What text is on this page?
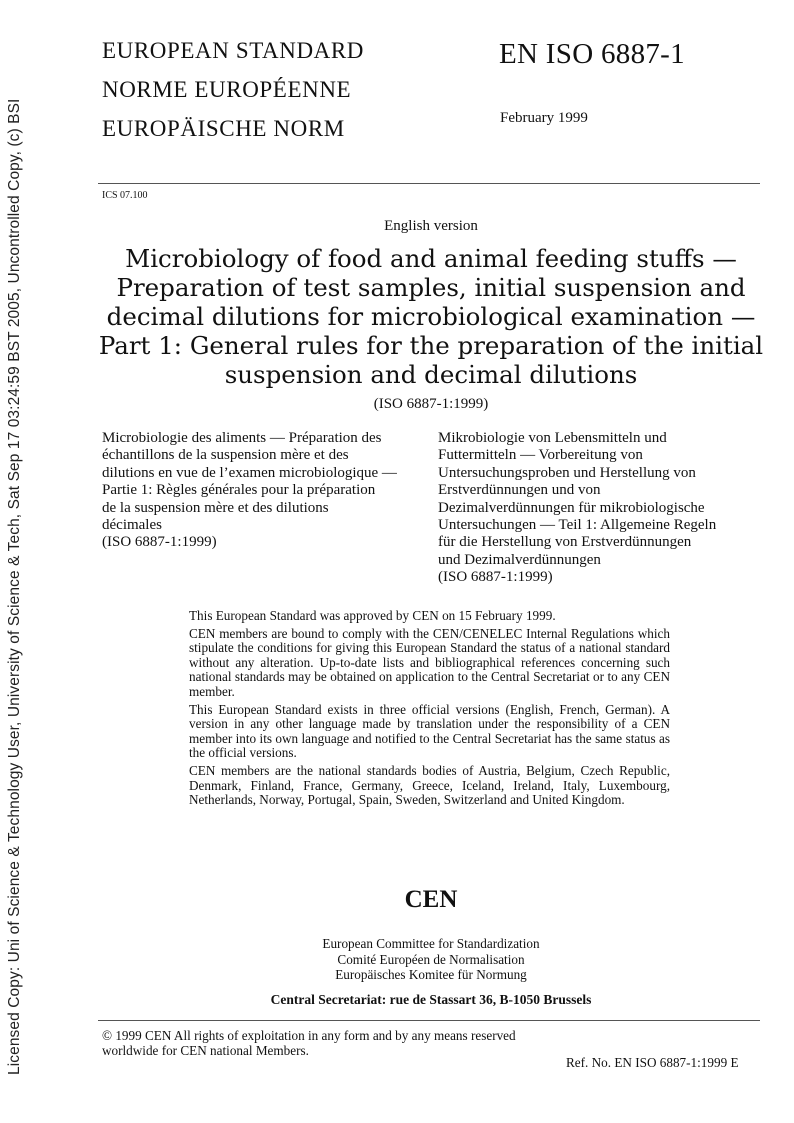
Licensed Copy: Uni of Science & Technology User, University of Science & Tech, Sat Sep 17 03:24:59 BST 2005, Uncontrolled Copy, (c) BSI
EUROPEAN STANDARD
NORME EUROPÉENNE
EUROPÄISCHE NORM
EN ISO 6887-1
February 1999
ICS 07.100
English version
Microbiology of food and animal feeding stuffs —
Preparation of test samples, initial suspension and
decimal dilutions for microbiological examination —
Part 1: General rules for the preparation of the initial
suspension and decimal dilutions
(ISO 6887-1:1999)
Microbiologie des aliments — Préparation des
échantillons de la suspension mère et des
dilutions en vue de l’examen microbiologique —
Partie 1: Règles générales pour la préparation
de la suspension mère et des dilutions
décimales
(ISO 6887-1:1999)
Mikrobiologie von Lebensmitteln und
Futtermitteln — Vorbereitung von
Untersuchungsproben und Herstellung von
Erstverdünnungen und von
Dezimalverdünnungen für mikrobiologische
Untersuchungen — Teil 1: Allgemeine Regeln
für die Herstellung von Erstverdünnungen
und Dezimalverdünnungen
(ISO 6887-1:1999)

This European Standard was approved by CEN on 15 February 1999.

CEN members are bound to comply with the CEN/CENELEC Internal Regulations which stipulate the conditions for giving this European Standard the status of a national standard without any alteration. Up-to-date lists and bibliographical references concerning such national standards may be obtained on application to the Central Secretariat or to any CEN member.

This European Standard exists in three official versions (English, French, German). A version in any other language made by translation under the responsibility of a CEN member into its own language and notified to the Central Secretariat has the same status as the official versions.

CEN members are the national standards bodies of Austria, Belgium, Czech Republic, Denmark, Finland, France, Germany, Greece, Iceland, Ireland, Italy, Luxembourg, Netherlands, Norway, Portugal, Spain, Sweden, Switzerland and United Kingdom.

CEN
European Committee for Standardization
Comité Européen de Normalisation
Europäisches Komitee für Normung
Central Secretariat: rue de Stassart 36, B-1050 Brussels
© 1999 CEN All rights of exploitation in any form and by any means reserved
worldwide for CEN national Members.
Ref. No. EN ISO 6887-1:1999 E
